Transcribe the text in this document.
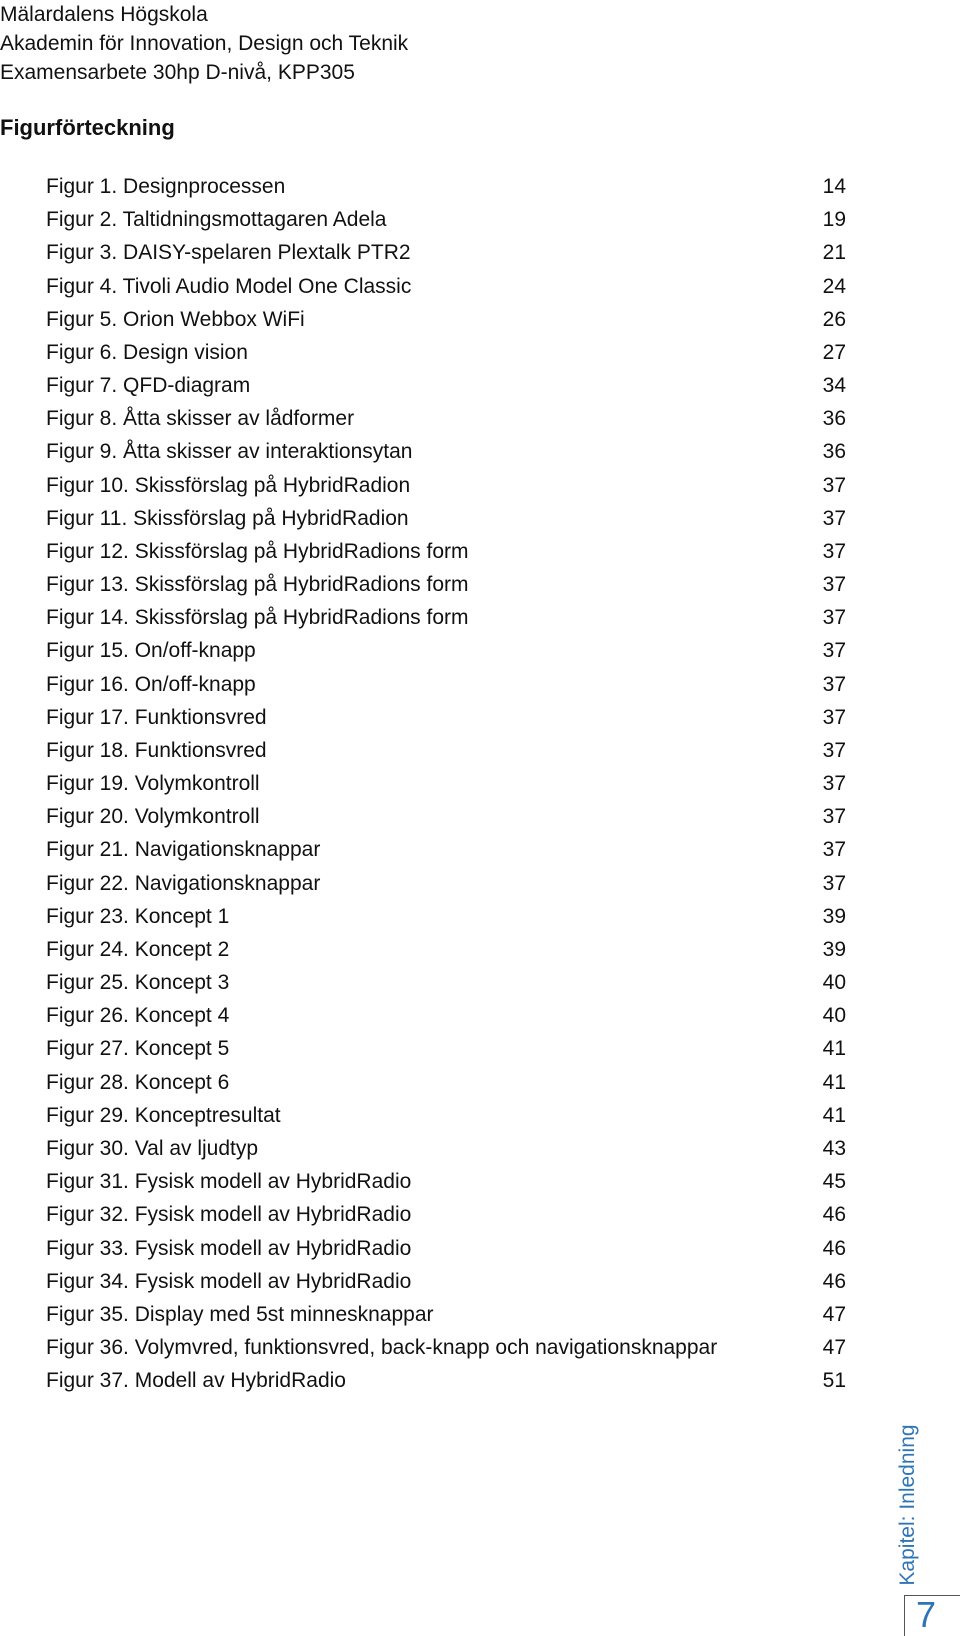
Mälardalens Högskola
Akademin för Innovation, Design och Teknik
Examensarbete 30hp D-nivå, KPP305
Figurförteckning
Figur 1. Designprocessen	14
Figur 2. Taltidningsmottagaren Adela	19
Figur 3. DAISY-spelaren Plextalk PTR2	21
Figur 4. Tivoli Audio Model One Classic	24
Figur 5. Orion Webbox WiFi	26
Figur 6. Design vision	27
Figur 7. QFD-diagram	34
Figur 8. Åtta skisser av lådformer	36
Figur 9. Åtta skisser av interaktionsytan	36
Figur 10. Skissförslag på HybridRadion	37
Figur 11. Skissförslag på HybridRadion	37
Figur 12. Skissförslag på HybridRadions form	37
Figur 13. Skissförslag på HybridRadions form	37
Figur 14. Skissförslag på HybridRadions form	37
Figur 15. On/off-knapp	37
Figur 16. On/off-knapp	37
Figur 17. Funktionsvred	37
Figur 18. Funktionsvred	37
Figur 19. Volymkontroll	37
Figur 20. Volymkontroll	37
Figur 21. Navigationsknappar	37
Figur 22. Navigationsknappar	37
Figur 23. Koncept 1	39
Figur 24. Koncept 2	39
Figur 25. Koncept 3	40
Figur 26. Koncept 4	40
Figur 27. Koncept 5	41
Figur 28. Koncept 6	41
Figur 29. Konceptresultat	41
Figur 30. Val av ljudtyp	43
Figur 31. Fysisk modell av HybridRadio	45
Figur 32. Fysisk modell av HybridRadio	46
Figur 33. Fysisk modell av HybridRadio	46
Figur 34. Fysisk modell av HybridRadio	46
Figur 35. Display med 5st minnesknappar	47
Figur 36. Volymvred, funktionsvred, back-knapp och navigationsknappar	47
Figur 37. Modell av HybridRadio	51
Kapitel: Inledning
7
